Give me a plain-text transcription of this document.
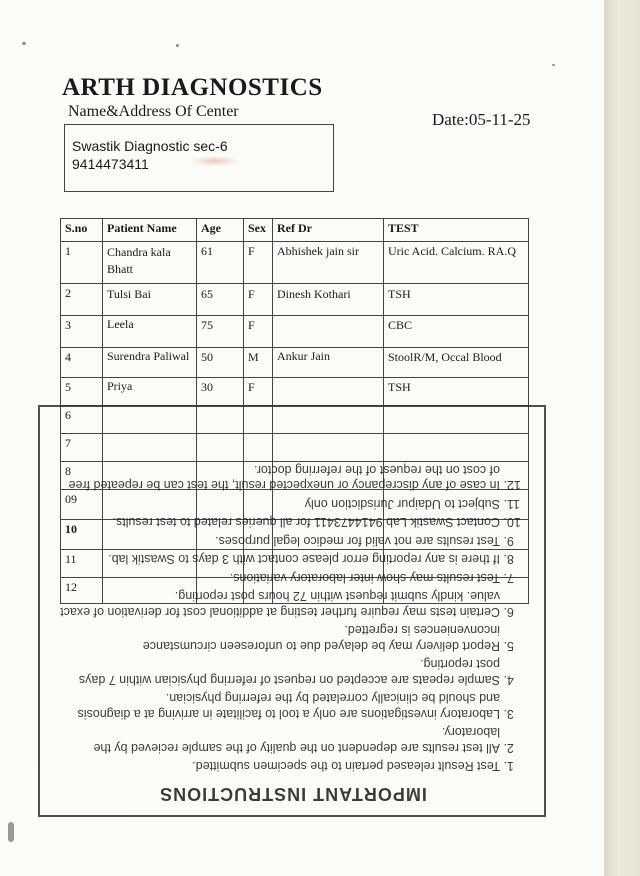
ARTH DIAGNOSTICS
Name&Address Of Center	Date:05-11-25
Swastik Diagnostic sec-6
9414473411
S.no	Patient Name	Age	Sex	Ref Dr	TEST
1	Chandra kala Bhatt	61	F	Abhishek jain sir	Uric Acid. Calcium. RA.Q
2	Tulsi Bai	65	F	Dinesh Kothari	TSH
3	Leela	75	F		CBC
4	Surendra Paliwal	50	M	Ankur Jain	StoolR/M, Occal Blood
5	Priya	30	F		TSH
6					
7					
8					
09					
10					
11					
12					
IMPORTANT INSTRUCTIONS
1. Test Result released pertain to the specimen submitted.
2. All test results are dependent on the quality of the sample recieved by the laboratory.
3. Laboratory investigations are only a tool to facilitate in arriving at a diagnosis and should be clinically correlated by the referring physician.
4. Sample repeats are accepted on request of referring physician within 7 days post reporting.
5. Report delivery may be delayed due to unforeseen circumstance inconveniences is regretted.
6. Certain tests may require further testing at additional cost for derivation of exact value. kindly submit request within 72 hours post reporting.
7. Test results may show inter laboratory variations.
8. If there is any reporting error please contact with 3 days to Swastik lab.
9. Test results are not valid for medico legal purposes.
10. Contact Swastik Lab 9414473411 for all queries related to test results.
11. Subject to Udaipur Jurisdiction only
12. In case of any discrepancy or unexpected result, the test can be repeated free of cost on the request of the referring doctor.
